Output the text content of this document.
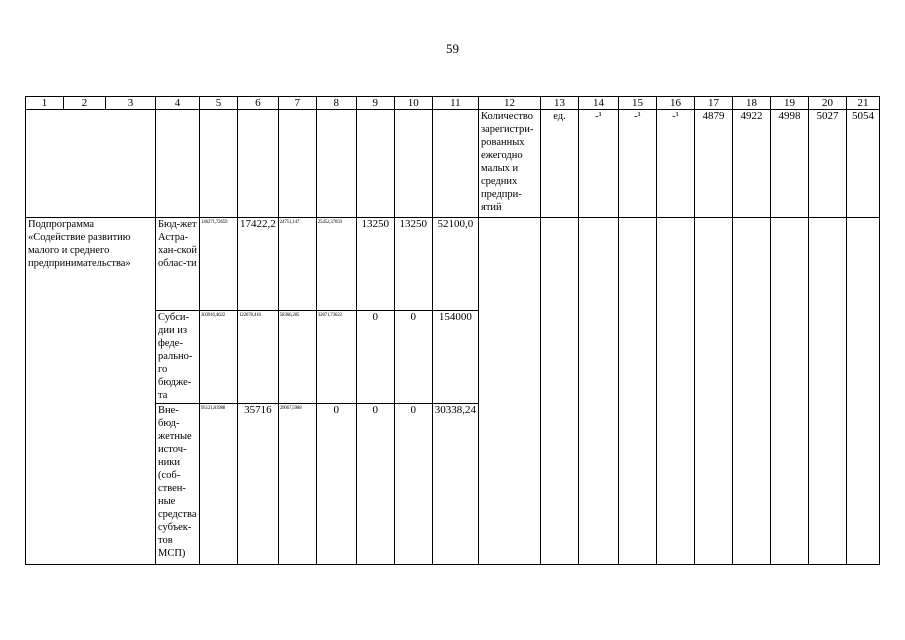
59
1	2	3	4	5	6	7	8	9	10	11	12	13	14	15	16	17	18	19	20	21
											Количество зарегистри-рованных ежегодно малых и средних предпри-ятий	ед.	-¹	-¹	-¹	4879	4922	4998	5027	5054
Подпрограмма «Содействие развитию малого и среднего предпринимательства»			Бюд-жет Астра-хан-ской облас-ти	146271,72659	17422,2	24751,147	25452,37059	13250	13250	52100,0										
			Субси-дии из феде-рально-го бюдже-та	303916,4622	122678,416	58366,285	32871,73622	0	0	154000										
			Вне-бюд-жетные источ-ники (соб-ствен-ные средства субъек-тов МСП)	95121,81988	35716	29067,5988	0	0	0	30338,24										
